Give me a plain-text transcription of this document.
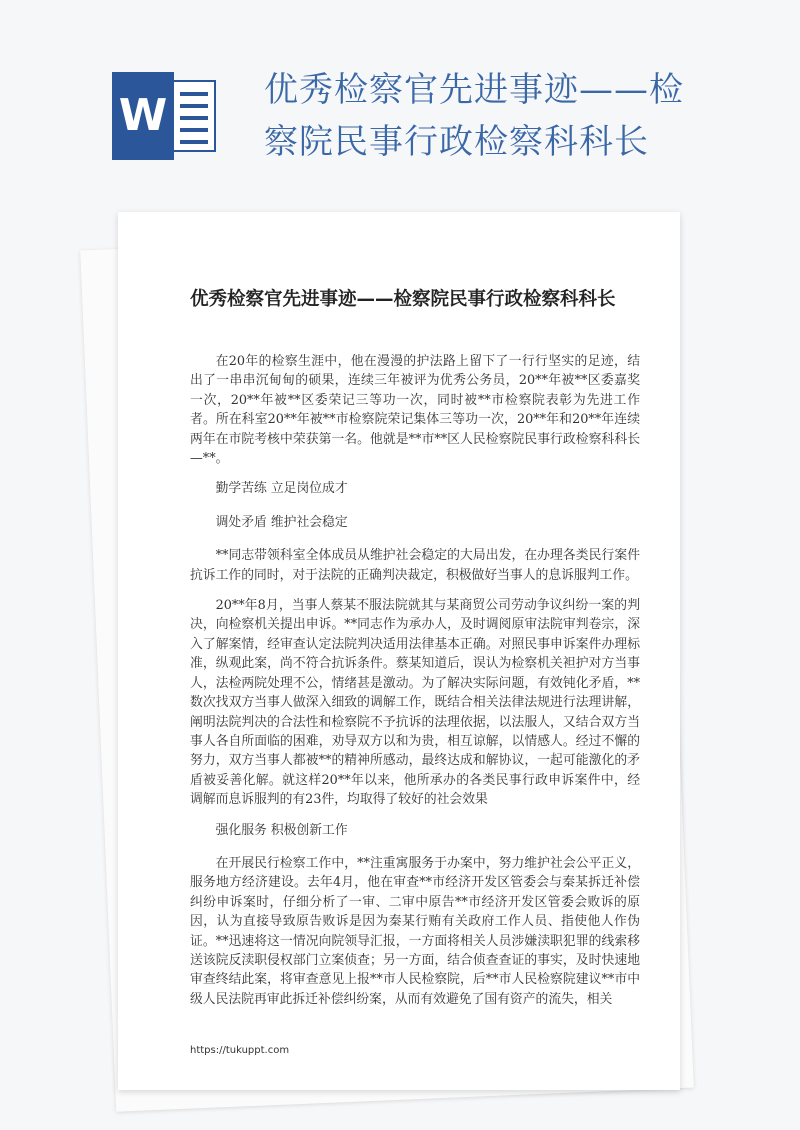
W	优秀检察官先进事迹——检察院民事行政检察科科长
优秀检察官先进事迹——检察院民事行政检察科科长

在20年的检察生涯中，他在漫漫的护法路上留下了一行行坚实的足迹，结出了一串串沉甸甸的硕果，连续三年被评为优秀公务员，20**年被**区委嘉奖一次，20**年被**区委荣记三等功一次，同时被**市检察院表彰为先进工作者。所在科室20**年被**市检察院荣记集体三等功一次，20**年和20**年连续两年在市院考核中荣获第一名。他就是**市**区人民检察院民事行政检察科科长—**。

勤学苦练 立足岗位成才

调处矛盾 维护社会稳定

**同志带领科室全体成员从维护社会稳定的大局出发，在办理各类民行案件抗诉工作的同时，对于法院的正确判决裁定，积极做好当事人的息诉服判工作。

20**年8月，当事人蔡某不服法院就其与某商贸公司劳动争议纠纷一案的判决，向检察机关提出申诉。**同志作为承办人，及时调阅原审法院审判卷宗，深入了解案情，经审查认定法院判决适用法律基本正确。对照民事申诉案件办理标准，纵观此案，尚不符合抗诉条件。蔡某知道后，误认为检察机关袒护对方当事人，法检两院处理不公，情绪甚是激动。为了解决实际问题，有效钝化矛盾，**数次找双方当事人做深入细致的调解工作，既结合相关法律法规进行法理讲解，阐明法院判决的合法性和检察院不予抗诉的法理依据，以法服人，又结合双方当事人各自所面临的困难，劝导双方以和为贵，相互谅解，以情感人。经过不懈的努力，双方当事人都被**的精神所感动，最终达成和解协议，一起可能激化的矛盾被妥善化解。就这样20**年以来，他所承办的各类民事行政申诉案件中，经调解而息诉服判的有23件，均取得了较好的社会效果

强化服务 积极创新工作

在开展民行检察工作中，**注重寓服务于办案中，努力维护社会公平正义，服务地方经济建设。去年4月，他在审查**市经济开发区管委会与秦某拆迁补偿纠纷申诉案时，仔细分析了一审、二审中原告**市经济开发区管委会败诉的原因，认为直接导致原告败诉是因为秦某行贿有关政府工作人员、指使他人作伪证。**迅速将这一情况向院领导汇报，一方面将相关人员涉嫌渎职犯罪的线索移送该院反渎职侵权部门立案侦查；另一方面，结合侦查查证的事实，及时快速地审查终结此案，将审查意见上报**市人民检察院，后**市人民检察院建议**市中级人民法院再审此拆迁补偿纠纷案，从而有效避免了国有资产的流失，相关

https://tukuppt.com
